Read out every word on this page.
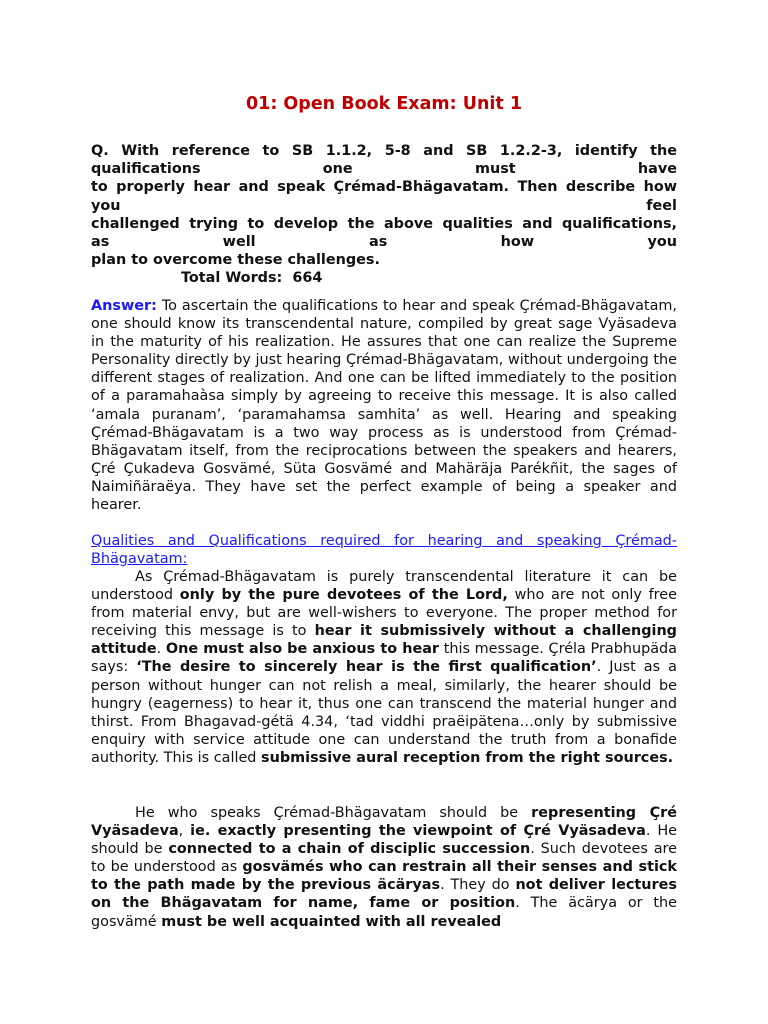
01: Open Book Exam: Unit 1
Q. With reference to SB 1.1.2, 5-8 and SB 1.2.2-3, identify the
qualifications one must have
to properly hear and speak Çrémad-Bhägavatam. Then describe how
you feel
challenged trying to develop the above qualities and qualifications,
as well as how you
plan to overcome these challenges.
Total Words: 664

Answer: To ascertain the qualifications to hear and speak Çrémad-Bhägavatam, one should know its transcendental nature, compiled by great sage Vyäsadeva in the maturity of his realization. He assures that one can realize the Supreme Personality directly by just hearing Çrémad-Bhägavatam, without undergoing the different stages of realization. And one can be lifted immediately to the position of a paramahaàsa simply by agreeing to receive this message. It is also called ‘amala puranam’, ‘paramahamsa samhita’ as well. Hearing and speaking Çrémad-Bhägavatam is a two way process as is understood from Çrémad-Bhägavatam itself, from the reciprocations between the speakers and hearers, Çré Çukadeva Gosvämé, Süta Gosvämé and Mahäräja Parékñit, the sages of Naimiñäraëya. They have set the perfect example of being a speaker and hearer.

Qualities and Qualifications required for hearing and speaking Çrémad-Bhägavatam:

As Çrémad-Bhägavatam is purely transcendental literature it can be understood only by the pure devotees of the Lord, who are not only free from material envy, but are well-wishers to everyone. The proper method for receiving this message is to hear it submissively without a challenging attitude. One must also be anxious to hear this message. Çréla Prabhupäda says: ‘The desire to sincerely hear is the first qualification’. Just as a person without hunger can not relish a meal, similarly, the hearer should be hungry (eagerness) to hear it, thus one can transcend the material hunger and thirst. From Bhagavad-gétä 4.34, ‘tad viddhi praëipätena…only by submissive enquiry with service attitude one can understand the truth from a bonafide authority. This is called submissive aural reception from the right sources.

He who speaks Çrémad-Bhägavatam should be representing Çré Vyäsadeva, ie. exactly presenting the viewpoint of Çré Vyäsadeva. He should be connected to a chain of disciplic succession. Such devotees are to be understood as gosvämés who can restrain all their senses and stick to the path made by the previous äcäryas. They do not deliver lectures on the Bhägavatam for name, fame or position. The äcärya or the gosvämé must be well acquainted with all revealed
